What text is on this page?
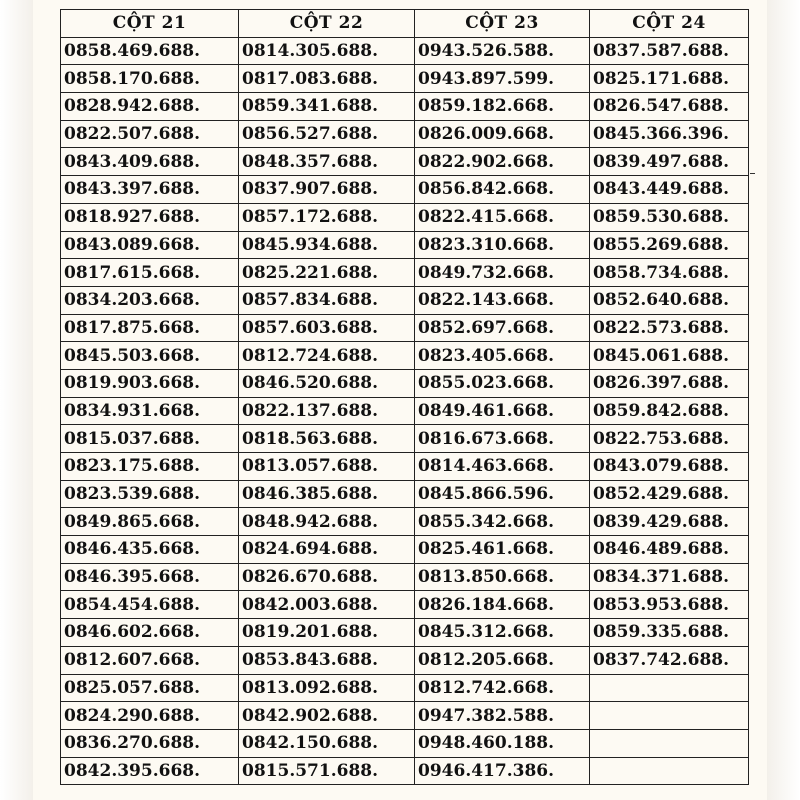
CỘT 21	CỘT 22	CỘT 23	CỘT 24
0858.469.688.	0814.305.688.	0943.526.588.	0837.587.688.
0858.170.688.	0817.083.688.	0943.897.599.	0825.171.688.
0828.942.688.	0859.341.688.	0859.182.668.	0826.547.688.
0822.507.688.	0856.527.688.	0826.009.668.	0845.366.396.
0843.409.688.	0848.357.688.	0822.902.668.	0839.497.688.
0843.397.688.	0837.907.688.	0856.842.668.	0843.449.688.
0818.927.688.	0857.172.688.	0822.415.668.	0859.530.688.
0843.089.668.	0845.934.688.	0823.310.668.	0855.269.688.
0817.615.668.	0825.221.688.	0849.732.668.	0858.734.688.
0834.203.668.	0857.834.688.	0822.143.668.	0852.640.688.
0817.875.668.	0857.603.688.	0852.697.668.	0822.573.688.
0845.503.668.	0812.724.688.	0823.405.668.	0845.061.688.
0819.903.668.	0846.520.688.	0855.023.668.	0826.397.688.
0834.931.668.	0822.137.688.	0849.461.668.	0859.842.688.
0815.037.688.	0818.563.688.	0816.673.668.	0822.753.688.
0823.175.688.	0813.057.688.	0814.463.668.	0843.079.688.
0823.539.688.	0846.385.688.	0845.866.596.	0852.429.688.
0849.865.668.	0848.942.688.	0855.342.668.	0839.429.688.
0846.435.668.	0824.694.688.	0825.461.668.	0846.489.688.
0846.395.668.	0826.670.688.	0813.850.668.	0834.371.688.
0854.454.688.	0842.003.688.	0826.184.668.	0853.953.688.
0846.602.668.	0819.201.688.	0845.312.668.	0859.335.688.
0812.607.668.	0853.843.688.	0812.205.668.	0837.742.688.
0825.057.688.	0813.092.688.	0812.742.668.	
0824.290.688.	0842.902.688.	0947.382.588.	
0836.270.688.	0842.150.688.	0948.460.188.	
0842.395.668.	0815.571.688.	0946.417.386.	
